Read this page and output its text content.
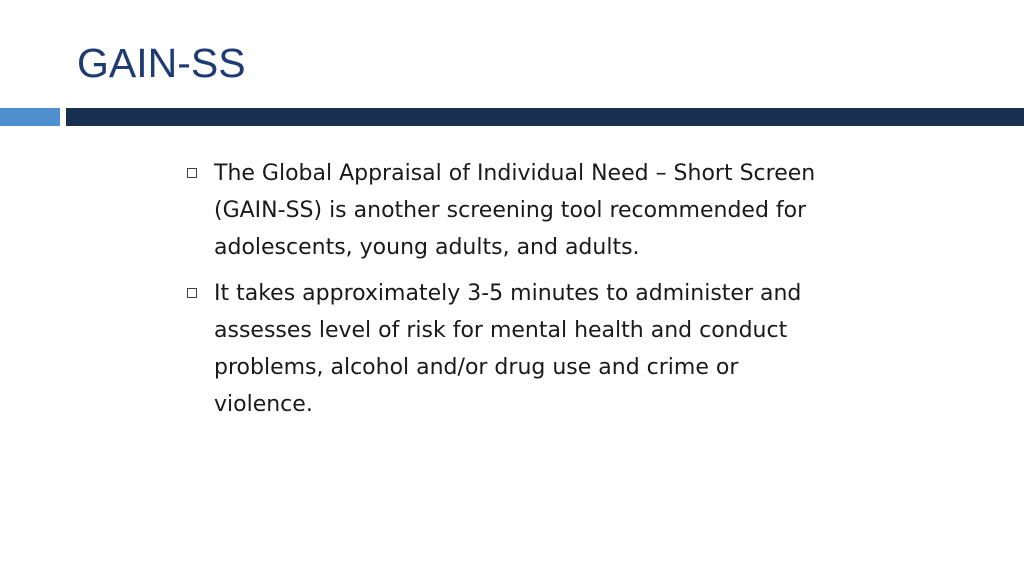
GAIN-SS
The Global Appraisal of Individual Need – Short Screen (GAIN-SS) is another screening tool recommended for adolescents, young adults, and adults.
It takes approximately 3-5 minutes to administer and assesses level of risk for mental health and conduct problems, alcohol and/or drug use and crime or violence.
